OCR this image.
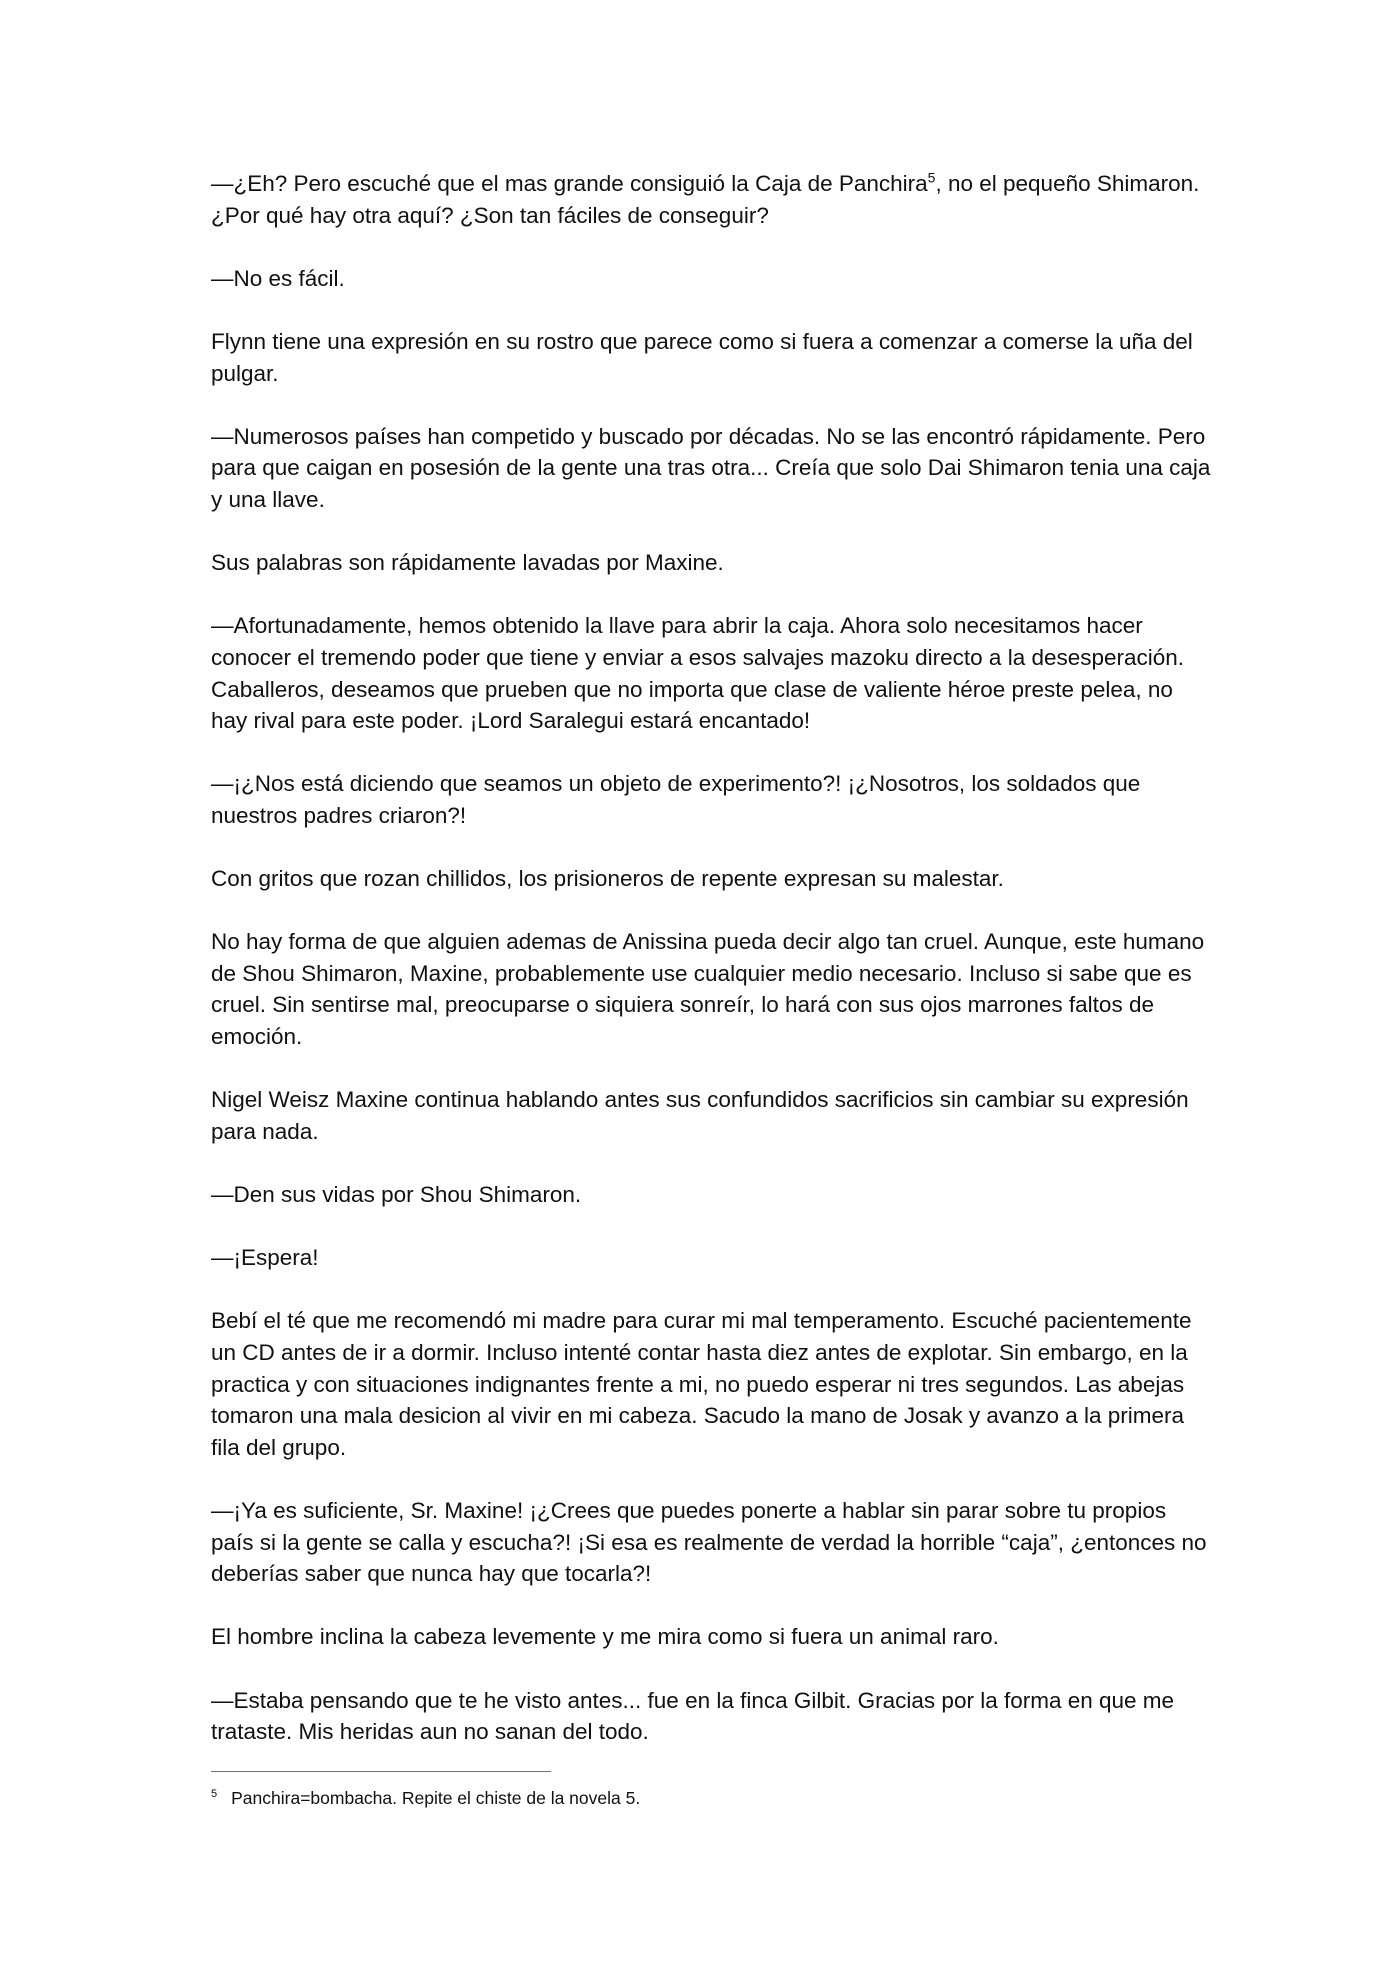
—¿Eh? Pero escuché que el mas grande consiguió la Caja de Panchira$^5$, no el pequeño Shimaron. ¿Por qué hay otra aquí? ¿Son tan fáciles de conseguir?

—No es fácil.

Flynn tiene una expresión en su rostro que parece como si fuera a comenzar a comerse la uña del pulgar.

—Numerosos países han competido y buscado por décadas. No se las encontró rápidamente. Pero para que caigan en posesión de la gente una tras otra... Creía que solo Dai Shimaron tenia una caja y una llave.

Sus palabras son rápidamente lavadas por Maxine.

—Afortunadamente, hemos obtenido la llave para abrir la caja. Ahora solo necesitamos hacer conocer el tremendo poder que tiene y enviar a esos salvajes mazoku directo a la desesperación. Caballeros, deseamos que prueben que no importa que clase de valiente héroe preste pelea, no hay rival para este poder. ¡Lord Saralegui estará encantado!

—¡¿Nos está diciendo que seamos un objeto de experimento?! ¡¿Nosotros, los soldados que nuestros padres criaron?!

Con gritos que rozan chillidos, los prisioneros de repente expresan su malestar.

No hay forma de que alguien ademas de Anissina pueda decir algo tan cruel. Aunque, este humano de Shou Shimaron, Maxine, probablemente use cualquier medio necesario. Incluso si sabe que es cruel. Sin sentirse mal, preocuparse o siquiera sonreír, lo hará con sus ojos marrones faltos de emoción.

Nigel Weisz Maxine continua hablando antes sus confundidos sacrificios sin cambiar su expresión para nada.

—Den sus vidas por Shou Shimaron.

—¡Espera!

Bebí el té que me recomendó mi madre para curar mi mal temperamento. Escuché pacientemente un CD antes de ir a dormir. Incluso intenté contar hasta diez antes de explotar. Sin embargo, en la practica y con situaciones indignantes frente a mi, no puedo esperar ni tres segundos. Las abejas tomaron una mala desicion al vivir en mi cabeza. Sacudo la mano de Josak y avanzo a la primera fila del grupo.

—¡Ya es suficiente, Sr. Maxine! ¡¿Crees que puedes ponerte a hablar sin parar sobre tu propios país si la gente se calla y escucha?! ¡Si esa es realmente de verdad la horrible “caja”, ¿entonces no deberías saber que nunca hay que tocarla?!

El hombre inclina la cabeza levemente y me mira como si fuera un animal raro.

—Estaba pensando que te he visto antes... fue en la finca Gilbit. Gracias por la forma en que me trataste. Mis heridas aun no sanan del todo.

$^5$ Panchira=bombacha. Repite el chiste de la novela 5.
